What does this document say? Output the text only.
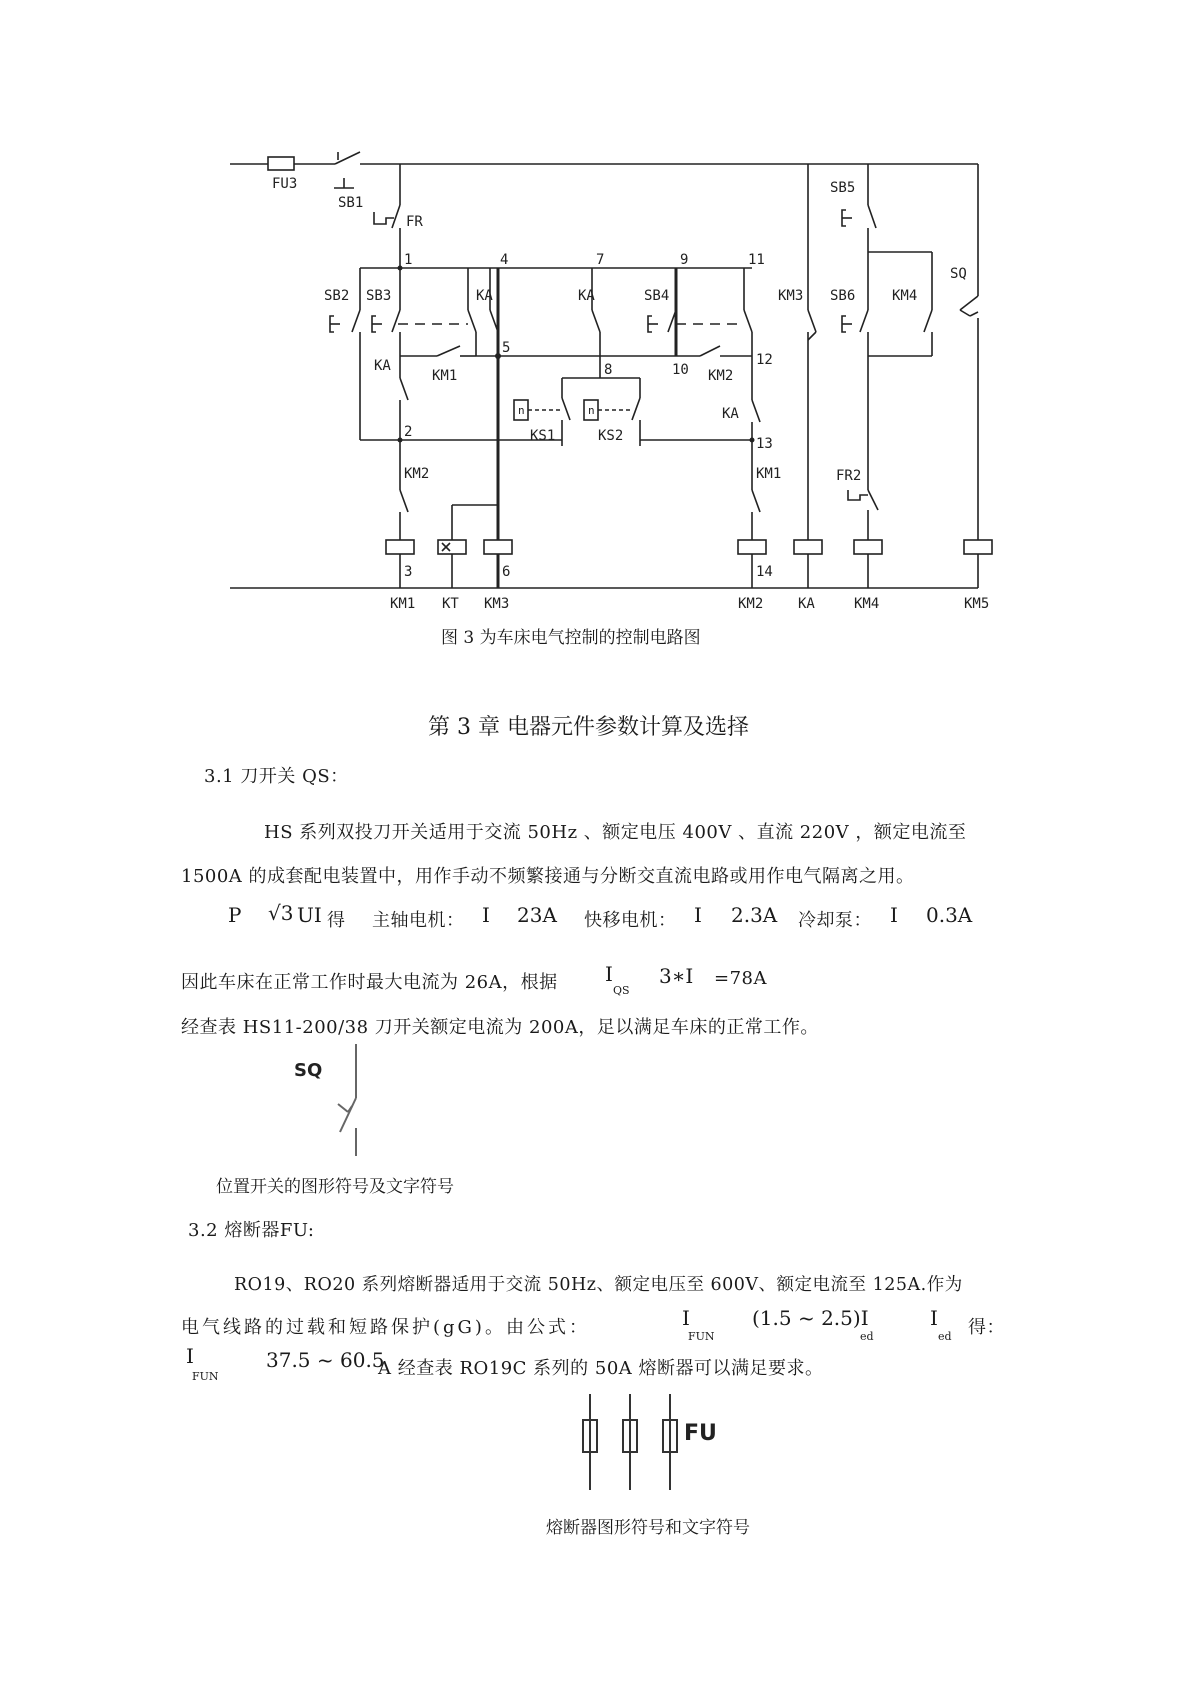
FU3
SB1
FR
SB5
SQ
1	4	7	9	11
SB2 SB3	KA	KA	SB4	KM3 SB6	KM4
KA
KM1
5
8	10 KM2
12
KS1	KS2
KA
2
13
KM2	KM1	FR2
3	6	14
KM1 KT KM3	KM2 KA	KM4	KM5
n	n
图 3 为车床电气控制的控制电路图
第 3 章 电器元件参数计算及选择
3.1 刀开关 QS：
HS 系列双投刀开关适用于交流 50Hz 、额定电压 400V 、直流 220V ，额定电流至
1500A 的成套配电装置中，用作手动不频繁接通与分断交直流电路或用作电气隔离之用。
P √3 UI 得 主轴电机： I 23A 快移电机： I 2.3A 冷却泵： I 0.3A
因此车床在正常工作时最大电流为 26A，根据 I
QS
3∗I =78A
经查表 HS11-200/38 刀开关额定电流为 200A，足以满足车床的正常工作。
SQ
位置开关的图形符号及文字符号
3.2 熔断器FU:
RO19、RO20 系列熔断器适用于交流 50Hz、额定电压至 600V、额定电流至 125A.作为
电气线路的过载和短路保护(gG)。由公式：	I
FUN
(1.5 ~ 2.5)I
ed
I
ed 得：
I
FUN
37.5 ~ 60.5
A 经查表 RO19C 系列的 50A 熔断器可以满足要求。
FU
熔断器图形符号和文字符号
